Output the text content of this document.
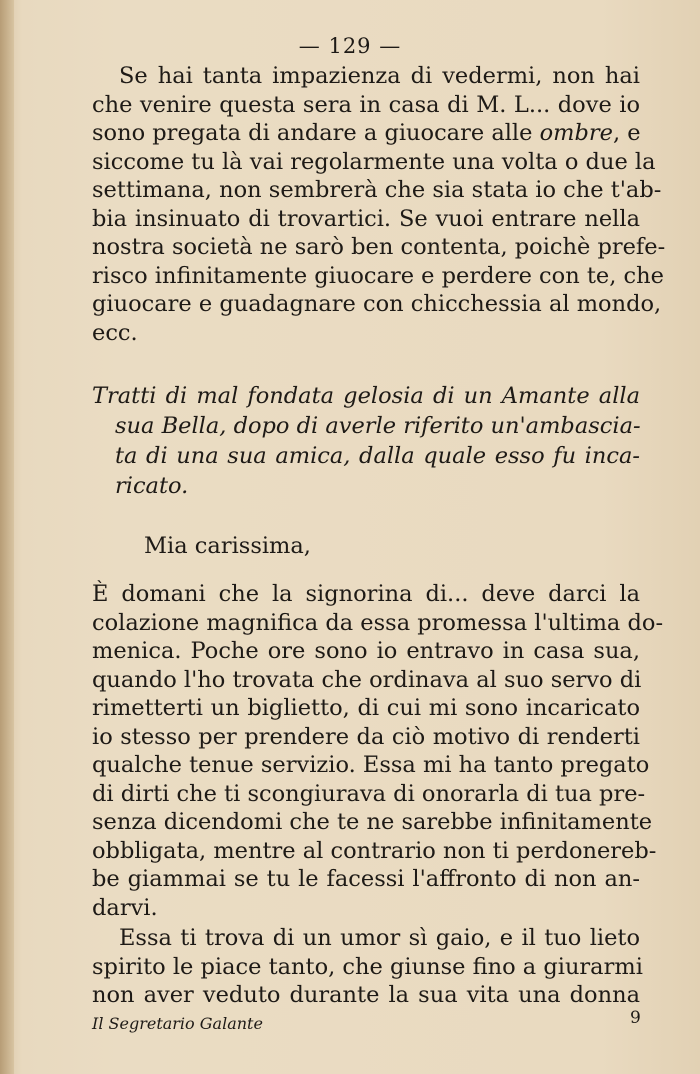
— 129 —
Se hai tanta impazienza di vedermi, non hai
che venire questa sera in casa di M. L... dove io
sono pregata di andare a giuocare alle ombre, e
siccome tu là vai regolarmente una volta o due la
settimana, non sembrerà che sia stata io che t'ab-
bia insinuato di trovartici. Se vuoi entrare nella
nostra società ne sarò ben contenta, poichè prefe-
risco infinitamente giuocare e perdere con te, che
giuocare e guadagnare con chicchessia al mondo,
ecc.
Tratti di mal fondata gelosia di un Amante alla
sua Bella, dopo di averle riferito un'ambascia-
ta di una sua amica, dalla quale esso fu inca-
ricato.
Mia carissima,
È domani che la signorina di... deve darci la
colazione magnifica da essa promessa l'ultima do-
menica. Poche ore sono io entravo in casa sua,
quando l'ho trovata che ordinava al suo servo di
rimetterti un biglietto, di cui mi sono incaricato
io stesso per prendere da ciò motivo di renderti
qualche tenue servizio. Essa mi ha tanto pregato
di dirti che ti scongiurava di onorarla di tua pre-
senza dicendomi che te ne sarebbe infinitamente
obbligata, mentre al contrario non ti perdonereb-
be giammai se tu le facessi l'affronto di non an-
darvi.
Essa ti trova di un umor sì gaio, e il tuo lieto
spirito le piace tanto, che giunse fino a giurarmi
non aver veduto durante la sua vita una donna
Il Segretario Galante	9
